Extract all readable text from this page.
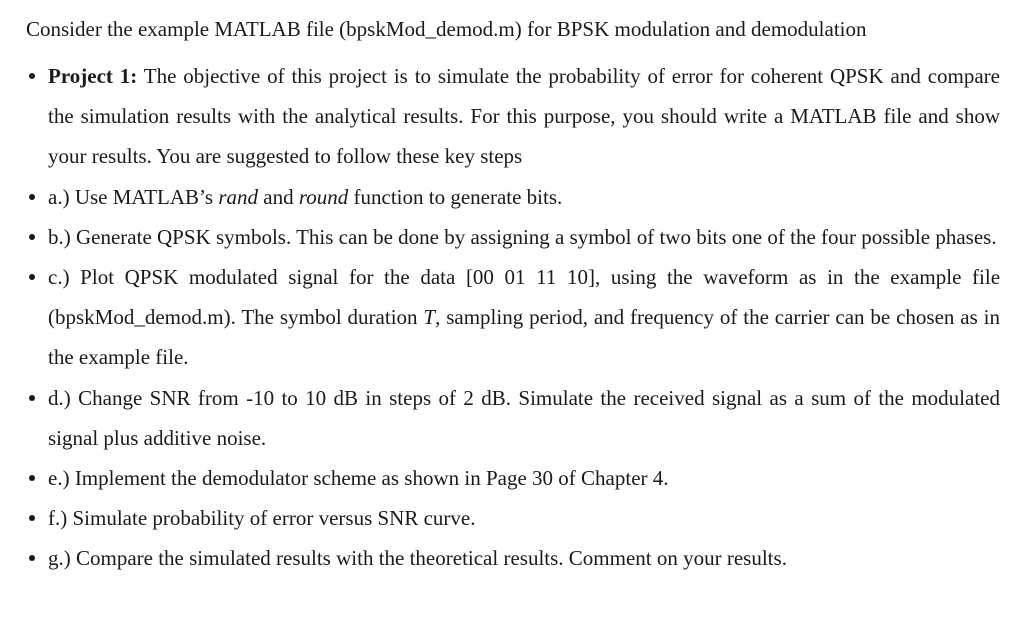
Consider the example MATLAB file (bpskMod_demod.m) for BPSK modulation and demodulation

Project 1: The objective of this project is to simulate the probability of error for coherent QPSK and compare the simulation results with the analytical results. For this purpose, you should write a MATLAB file and show your results. You are suggested to follow these key steps
a.) Use MATLAB’s rand and round function to generate bits.
b.) Generate QPSK symbols. This can be done by assigning a symbol of two bits one of the four possible phases.
c.) Plot QPSK modulated signal for the data [00 01 11 10], using the waveform as in the example file (bpskMod_demod.m). The symbol duration T, sampling period, and frequency of the carrier can be chosen as in the example file.
d.) Change SNR from -10 to 10 dB in steps of 2 dB. Simulate the received signal as a sum of the modulated signal plus additive noise.
e.) Implement the demodulator scheme as shown in Page 30 of Chapter 4.
f.) Simulate probability of error versus SNR curve.
g.) Compare the simulated results with the theoretical results. Comment on your results.
